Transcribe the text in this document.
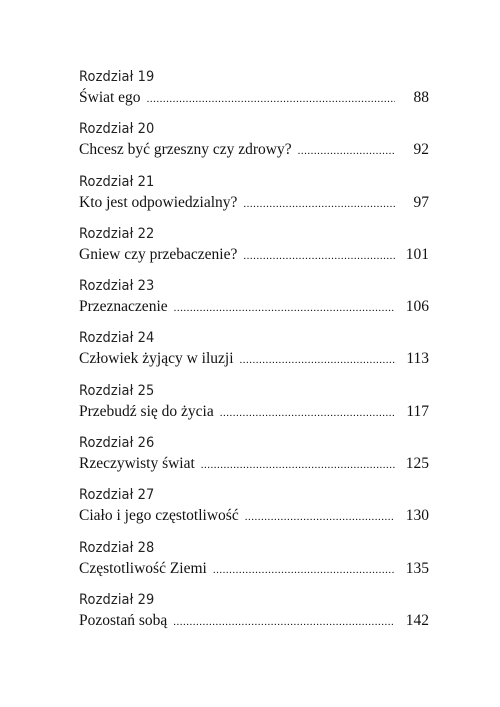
Rozdział 19
Świat ego .....	88
Rozdział 20
Chcesz być grzeszny czy zdrowy? .....	92
Rozdział 21
Kto jest odpowiedzialny? .....	97
Rozdział 22
Gniew czy przebaczenie? .....	101
Rozdział 23
Przeznaczenie .....	106
Rozdział 24
Człowiek żyjący w iluzji .....	113
Rozdział 25
Przebudź się do życia .....	117
Rozdział 26
Rzeczywisty świat .....	125
Rozdział 27
Ciało i jego częstotliwość .....	130
Rozdział 28
Częstotliwość Ziemi .....	135
Rozdział 29
Pozostań sobą .....	142
